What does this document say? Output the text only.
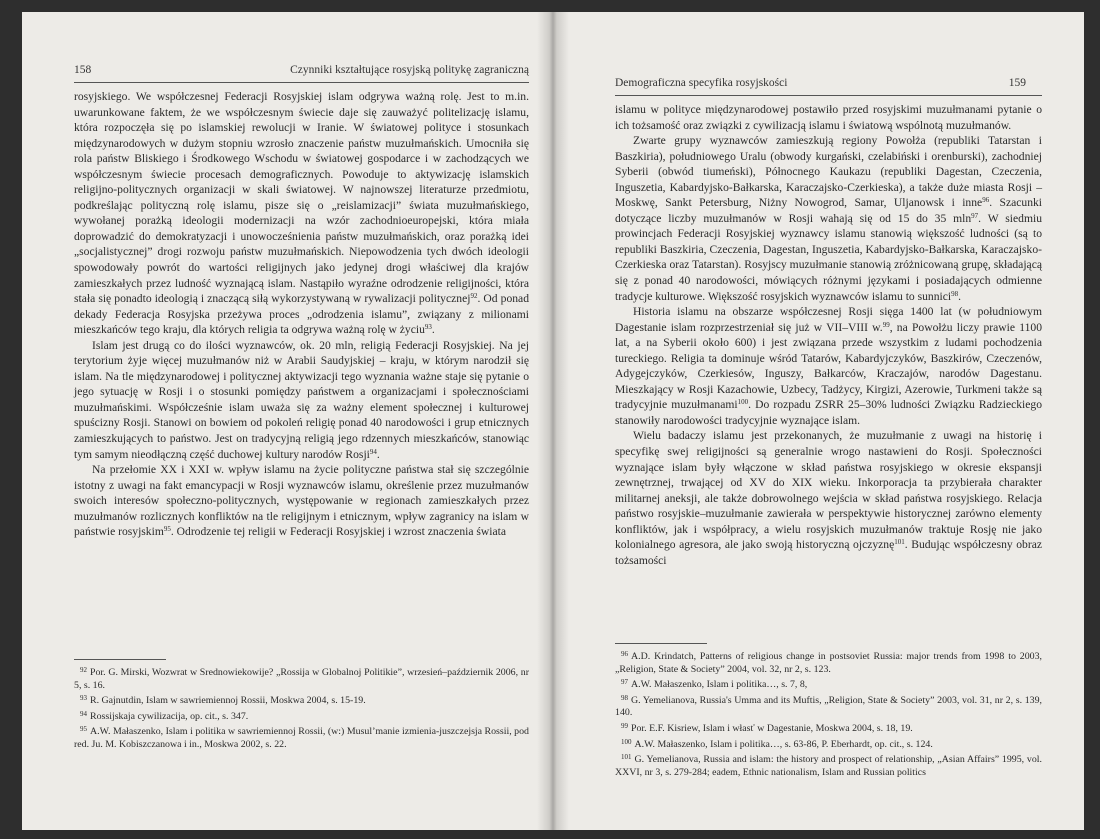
158	Czynniki kształtujące rosyjską politykę zagraniczną

rosyjskiego. We współczesnej Federacji Rosyjskiej islam odgrywa ważną rolę. Jest to m.in. uwarunkowane faktem, że we współczesnym świecie daje się zauważyć politelizację islamu, która rozpoczęła się po islamskiej rewolucji w Iranie. W światowej polityce i stosunkach międzynarodowych w dużym stopniu wzrosło znaczenie państw muzułmańskich. Umocniła się rola państw Bliskiego i Środkowego Wschodu w światowej gospodarce i w zachodzących we współczesnym świecie procesach demograficznych. Powoduje to aktywizację islamskich religijno-politycznych organizacji w skali światowej. W najnowszej literaturze przedmiotu, podkreślając polityczną rolę islamu, pisze się o „reislamizacji” świata muzułmańskiego, wywołanej porażką ideologii modernizacji na wzór zachodnioeuropejski, która miała doprowadzić do demokratyzacji i unowocześnienia państw muzułmańskich, oraz porażką idei „socjalistycznej” drogi rozwoju państw muzułmańskich. Niepowodzenia tych dwóch ideologii spowodowały powrót do wartości religijnych jako jedynej drogi właściwej dla krajów zamieszkałych przez ludność wyznającą islam. Nastąpiło wyraźne odrodzenie religijności, która stała się ponadto ideologią i znaczącą siłą wykorzystywaną w rywalizacji politycznej$^{92}$. Od ponad dekady Federacja Rosyjska przeżywa proces „odrodzenia islamu”, związany z milionami mieszkańców tego kraju, dla których religia ta odgrywa ważną rolę w życiu$^{93}$.

Islam jest drugą co do ilości wyznawców, ok. 20 mln, religią Federacji Rosyjskiej. Na jej terytorium żyje więcej muzułmanów niż w Arabii Saudyjskiej – kraju, w którym narodził się islam. Na tle międzynarodowej i politycznej aktywizacji tego wyznania ważne staje się pytanie o jego sytuację w Rosji i o stosunki pomiędzy państwem a organizacjami i społecznościami muzułmańskimi. Współcześnie islam uważa się za ważny element społecznej i kulturowej spuścizny Rosji. Stanowi on bowiem od pokoleń religię ponad 40 narodowości i grup etnicznych zamieszkujących to państwo. Jest on tradycyjną religią jego rdzennych mieszkańców, stanowiąc tym samym nieodłączną część duchowej kultury narodów Rosji$^{94}$.

Na przełomie XX i XXI w. wpływ islamu na życie polityczne państwa stał się szczególnie istotny z uwagi na fakt emancypacji w Rosji wyznawców islamu, określenie przez muzułmanów swoich interesów społeczno-politycznych, występowanie w regionach zamieszkałych przez muzułmanów rozlicznych konfliktów na tle religijnym i etnicznym, wpływ zagranicy na islam w państwie rosyjskim$^{95}$. Odrodzenie tej religii w Federacji Rosyjskiej i wzrost znaczenia świata

$^{92}$ Por. G. Mirski, Wozwrat w Srednowiekowije? „Rossija w Globalnoj Politikie”, wrzesień–październik 2006, nr 5, s. 16.
$^{93}$ R. Gajnutdin, Islam w sawriemiennoj Rossii, Moskwa 2004, s. 15-19.
$^{94}$ Rossijskaja cywilizacija, op. cit., s. 347.
$^{95}$ A.W. Małaszenko, Islam i politika w sawriemiennoj Rossii, (w:) Musul’manie izmienia-juszczejsja Rossii, pod red. Ju. M. Kobiszczanowa i in., Moskwa 2002, s. 22.
Demograficzna specyfika rosyjskości	159

islamu w polityce międzynarodowej postawiło przed rosyjskimi muzułmanami pytanie o ich tożsamość oraz związki z cywilizacją islamu i światową wspólnotą muzułmanów.

Zwarte grupy wyznawców zamieszkują regiony Powołża (republiki Tatarstan i Baszkiria), południowego Uralu (obwody kurgański, czelabiński i orenburski), zachodniej Syberii (obwód tiumeński), Północnego Kaukazu (republiki Dagestan, Czeczenia, Inguszetia, Kabardyjsko-Bałkarska, Karaczajsko-Czerkieska), a także duże miasta Rosji – Moskwę, Sankt Petersburg, Niżny Nowogrod, Samar, Uljanowsk i inne$^{96}$. Szacunki dotyczące liczby muzułmanów w Rosji wahają się od 15 do 35 mln$^{97}$. W siedmiu prowincjach Federacji Rosyjskiej wyznawcy islamu stanowią większość ludności (są to republiki Baszkiria, Czeczenia, Dagestan, Inguszetia, Kabardyjsko-Bałkarska, Karaczajsko-Czerkieska oraz Tatarstan). Rosyjscy muzułmanie stanowią zróżnicowaną grupę, składającą się z ponad 40 narodowości, mówiących różnymi językami i posiadających odmienne tradycje kulturowe. Większość rosyjskich wyznawców islamu to sunnici$^{98}$.

Historia islamu na obszarze współczesnej Rosji sięga 1400 lat (w południowym Dagestanie islam rozprzestrzeniał się już w VII–VIII w.$^{99}$, na Powołżu liczy prawie 1100 lat, a na Syberii około 600) i jest związana przede wszystkim z ludami pochodzenia tureckiego. Religia ta dominuje wśród Tatarów, Kabardyjczyków, Baszkirów, Czeczenów, Adygejczyków, Czerkiesów, Inguszy, Bałkarców, Kraczajów, narodów Dagestanu. Mieszkający w Rosji Kazachowie, Uzbecy, Tadżycy, Kirgizi, Azerowie, Turkmeni także są tradycyjnie muzułmanami$^{100}$. Do rozpadu ZSRR 25–30% ludności Związku Radzieckiego stanowiły narodowości tradycyjnie wyznające islam.

Wielu badaczy islamu jest przekonanych, że muzułmanie z uwagi na historię i specyfikę swej religijności są generalnie wrogo nastawieni do Rosji. Społeczności wyznające islam były włączone w skład państwa rosyjskiego w okresie ekspansji zewnętrznej, trwającej od XV do XIX wieku. Inkorporacja ta przybierała charakter militarnej aneksji, ale także dobrowolnego wejścia w skład państwa rosyjskiego. Relacja państwo rosyjskie–muzułmanie zawierała w perspektywie historycznej zarówno elementy konfliktów, jak i współpracy, a wielu rosyjskich muzułmanów traktuje Rosję nie jako kolonialnego agresora, ale jako swoją historyczną ojczyznę$^{101}$. Budując współczesny obraz tożsamości

$^{96}$ A.D. Krindatch, Patterns of religious change in postsoviet Russia: major trends from 1998 to 2003, „Religion, State & Society” 2004, vol. 32, nr 2, s. 123.
$^{97}$ A.W. Małaszenko, Islam i politika…, s. 7, 8,
$^{98}$ G. Yemelianova, Russia's Umma and its Muftis, „Religion, State & Society” 2003, vol. 31, nr 2, s. 139, 140.
$^{99}$ Por. E.F. Kisriew, Islam i własť w Dagestanie, Moskwa 2004, s. 18, 19.
$^{100}$ A.W. Małaszenko, Islam i politika…, s. 63-86, P. Eberhardt, op. cit., s. 124.
$^{101}$ G. Yemelianova, Russia and islam: the history and prospect of relationship, „Asian Affairs” 1995, vol. XXVI, nr 3, s. 279-284; eadem, Ethnic nationalism, Islam and Russian politics
